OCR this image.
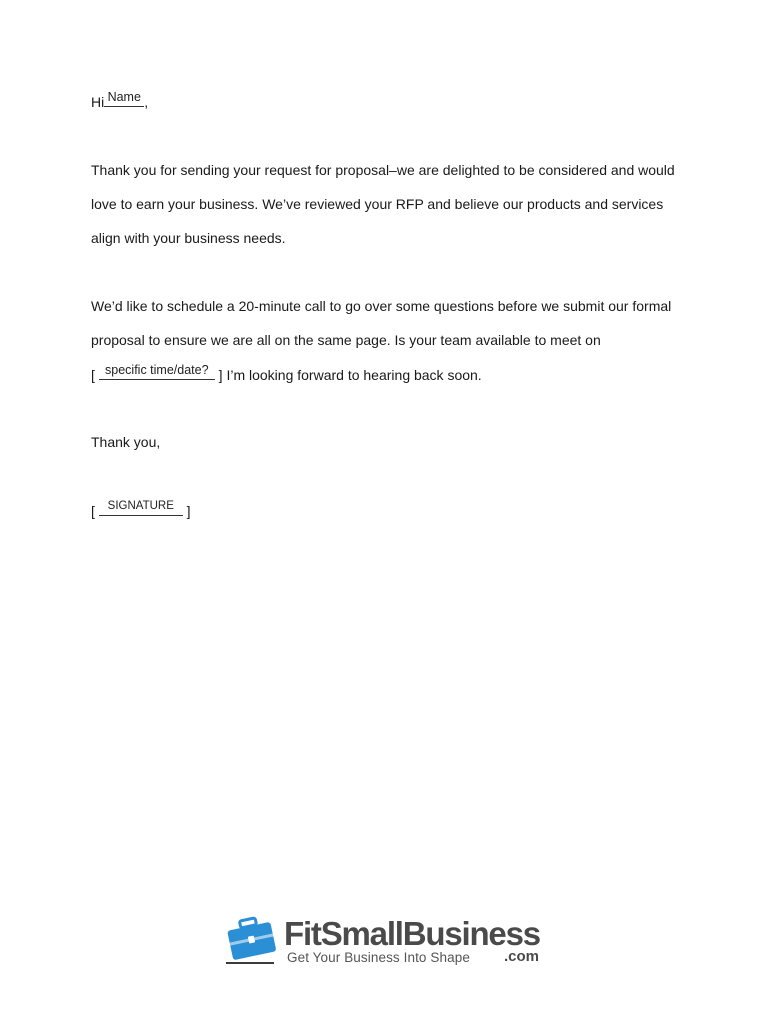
Hi Name ,
Thank you for sending your request for proposal–we are delighted to be considered and would
love to earn your business. We’ve reviewed your RFP and believe our products and services
align with your business needs.
We’d like to schedule a 20-minute call to go over some questions before we submit our formal
proposal to ensure we are all on the same page. Is your team available to meet on
[ specific time/date? ] I’m looking forward to hearing back soon.
Thank you,
[	SIGNATURE ]
FitSmallBusiness
Get Your Business Into Shape .com
